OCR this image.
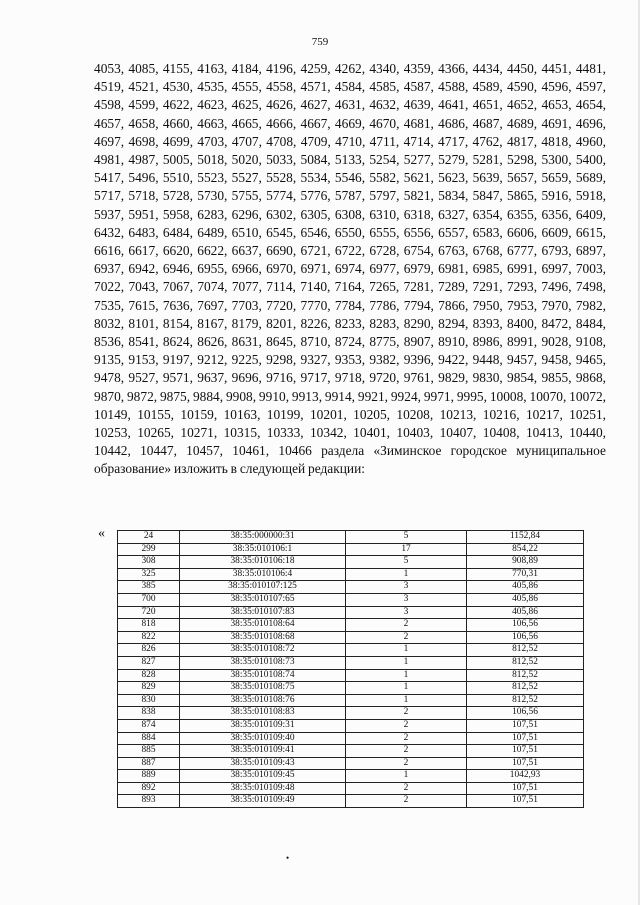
759
4053, 4085, 4155, 4163, 4184, 4196, 4259, 4262, 4340, 4359, 4366, 4434, 4450, 4451, 4481, 4519, 4521, 4530, 4535, 4555, 4558, 4571, 4584, 4585, 4587, 4588, 4589, 4590, 4596, 4597, 4598, 4599, 4622, 4623, 4625, 4626, 4627, 4631, 4632, 4639, 4641, 4651, 4652, 4653, 4654, 4657, 4658, 4660, 4663, 4665, 4666, 4667, 4669, 4670, 4681, 4686, 4687, 4689, 4691, 4696, 4697, 4698, 4699, 4703, 4707, 4708, 4709, 4710, 4711, 4714, 4717, 4762, 4817, 4818, 4960, 4981, 4987, 5005, 5018, 5020, 5033, 5084, 5133, 5254, 5277, 5279, 5281, 5298, 5300, 5400, 5417, 5496, 5510, 5523, 5527, 5528, 5534, 5546, 5582, 5621, 5623, 5639, 5657, 5659, 5689, 5717, 5718, 5728, 5730, 5755, 5774, 5776, 5787, 5797, 5821, 5834, 5847, 5865, 5916, 5918, 5937, 5951, 5958, 6283, 6296, 6302, 6305, 6308, 6310, 6318, 6327, 6354, 6355, 6356, 6409, 6432, 6483, 6484, 6489, 6510, 6545, 6546, 6550, 6555, 6556, 6557, 6583, 6606, 6609, 6615, 6616, 6617, 6620, 6622, 6637, 6690, 6721, 6722, 6728, 6754, 6763, 6768, 6777, 6793, 6897, 6937, 6942, 6946, 6955, 6966, 6970, 6971, 6974, 6977, 6979, 6981, 6985, 6991, 6997, 7003, 7022, 7043, 7067, 7074, 7077, 7114, 7140, 7164, 7265, 7281, 7289, 7291, 7293, 7496, 7498, 7535, 7615, 7636, 7697, 7703, 7720, 7770, 7784, 7786, 7794, 7866, 7950, 7953, 7970, 7982, 8032, 8101, 8154, 8167, 8179, 8201, 8226, 8233, 8283, 8290, 8294, 8393, 8400, 8472, 8484, 8536, 8541, 8624, 8626, 8631, 8645, 8710, 8724, 8775, 8907, 8910, 8986, 8991, 9028, 9108, 9135, 9153, 9197, 9212, 9225, 9298, 9327, 9353, 9382, 9396, 9422, 9448, 9457, 9458, 9465, 9478, 9527, 9571, 9637, 9696, 9716, 9717, 9718, 9720, 9761, 9829, 9830, 9854, 9855, 9868, 9870, 9872, 9875, 9884, 9908, 9910, 9913, 9914, 9921, 9924, 9971, 9995, 10008, 10070, 10072, 10149, 10155, 10159, 10163, 10199, 10201, 10205, 10208, 10213, 10216, 10217, 10251, 10253, 10265, 10271, 10315, 10333, 10342, 10401, 10403, 10407, 10408, 10413, 10440, 10442, 10447, 10457, 10461, 10466 раздела «Зиминское городское муниципальное образование» изложить в следующей редакции:
«	24	38:35:000000:31	5	1152,84
299	38:35:010106:1	17	854,22
308	38:35:010106:18	5	908,89
325	38:35:010106:4	1	770,31
385	38:35:010107:125	3	405,86
700	38:35:010107:65	3	405,86
720	38:35:010107:83	3	405,86
818	38:35:010108:64	2	106,56
822	38:35:010108:68	2	106,56
826	38:35:010108:72	1	812,52
827	38:35:010108:73	1	812,52
828	38:35:010108:74	1	812,52
829	38:35:010108:75	1	812,52
830	38:35:010108:76	1	812,52
838	38:35:010108:83	2	106,56
874	38:35:010109:31	2	107,51
884	38:35:010109:40	2	107,51
885	38:35:010109:41	2	107,51
887	38:35:010109:43	2	107,51
889	38:35:010109:45	1	1042,93
892	38:35:010109:48	2	107,51
893	38:35:010109:49	2	107,51
•
